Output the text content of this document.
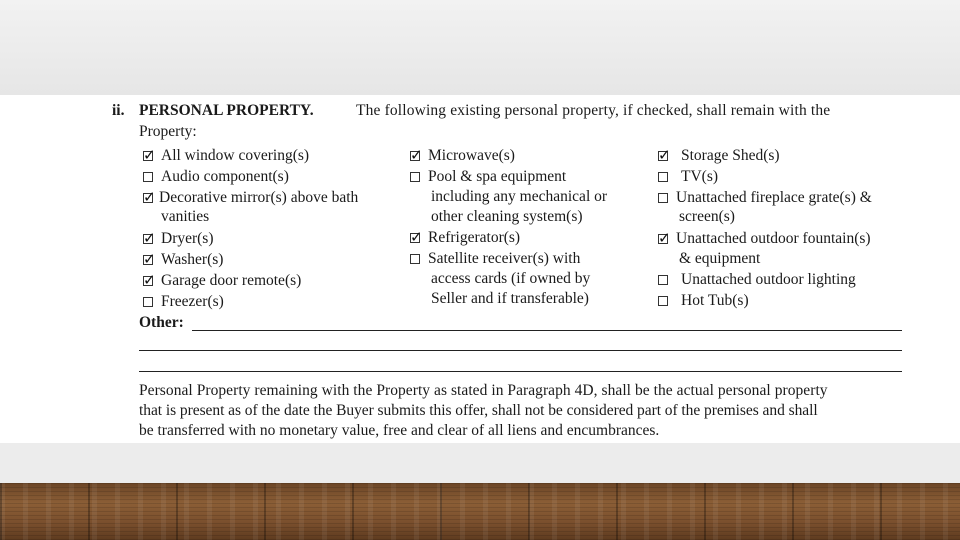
ii. PERSONAL PROPERTY.	The following existing personal property, if checked, shall remain with the
Property:
✓
All window covering(s)
Audio component(s)
✓
Decorative mirror(s) above bath
vanities
✓
Dryer(s)
✓
Washer(s)
✓
Garage door remote(s)
Freezer(s)
✓
Microwave(s)
Pool & spa equipment
including any mechanical or
other cleaning system(s)
✓
Refrigerator(s)
Satellite receiver(s) with
access cards (if owned by
Seller and if transferable)
✓
Storage Shed(s)
TV(s)
Unattached fireplace grate(s) &
screen(s)
✓
Unattached outdoor fountain(s)
& equipment
Unattached outdoor lighting
Hot Tub(s)
Other:
Personal Property remaining with the Property as stated in Paragraph 4D, shall be the actual personal property
that is present as of the date the Buyer submits this offer, shall not be considered part of the premises and shall
be transferred with no monetary value, free and clear of all liens and encumbrances.
